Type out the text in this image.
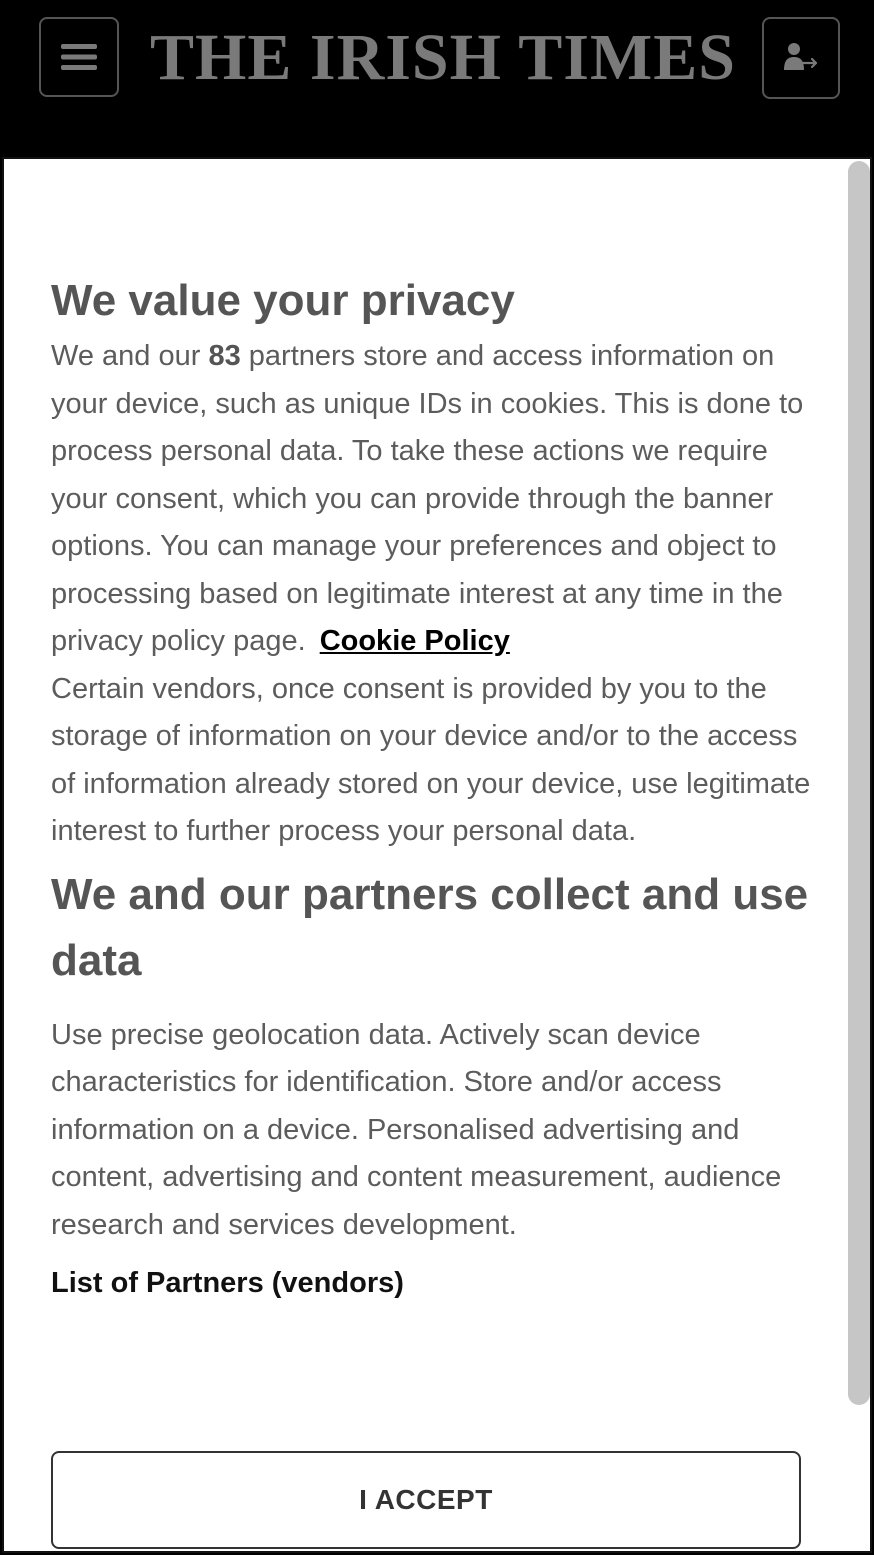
THE IRISH TIMES
We value your privacy

We and our 83 partners store and access information on your device, such as unique IDs in cookies. This is done to process personal data. To take these actions we require your consent, which you can provide through the banner options. You can manage your preferences and object to processing based on legitimate interest at any time in the privacy policy page. Cookie Policy

Certain vendors, once consent is provided by you to the storage of information on your device and/or to the access of information already stored on your device, use legitimate interest to further process your personal data.

We and our partners collect and use data

Use precise geolocation data. Actively scan device characteristics for identification. Store and/or access information on a device. Personalised advertising and content, advertising and content measurement, audience research and services development.

List of Partners (vendors)
I ACCEPT
